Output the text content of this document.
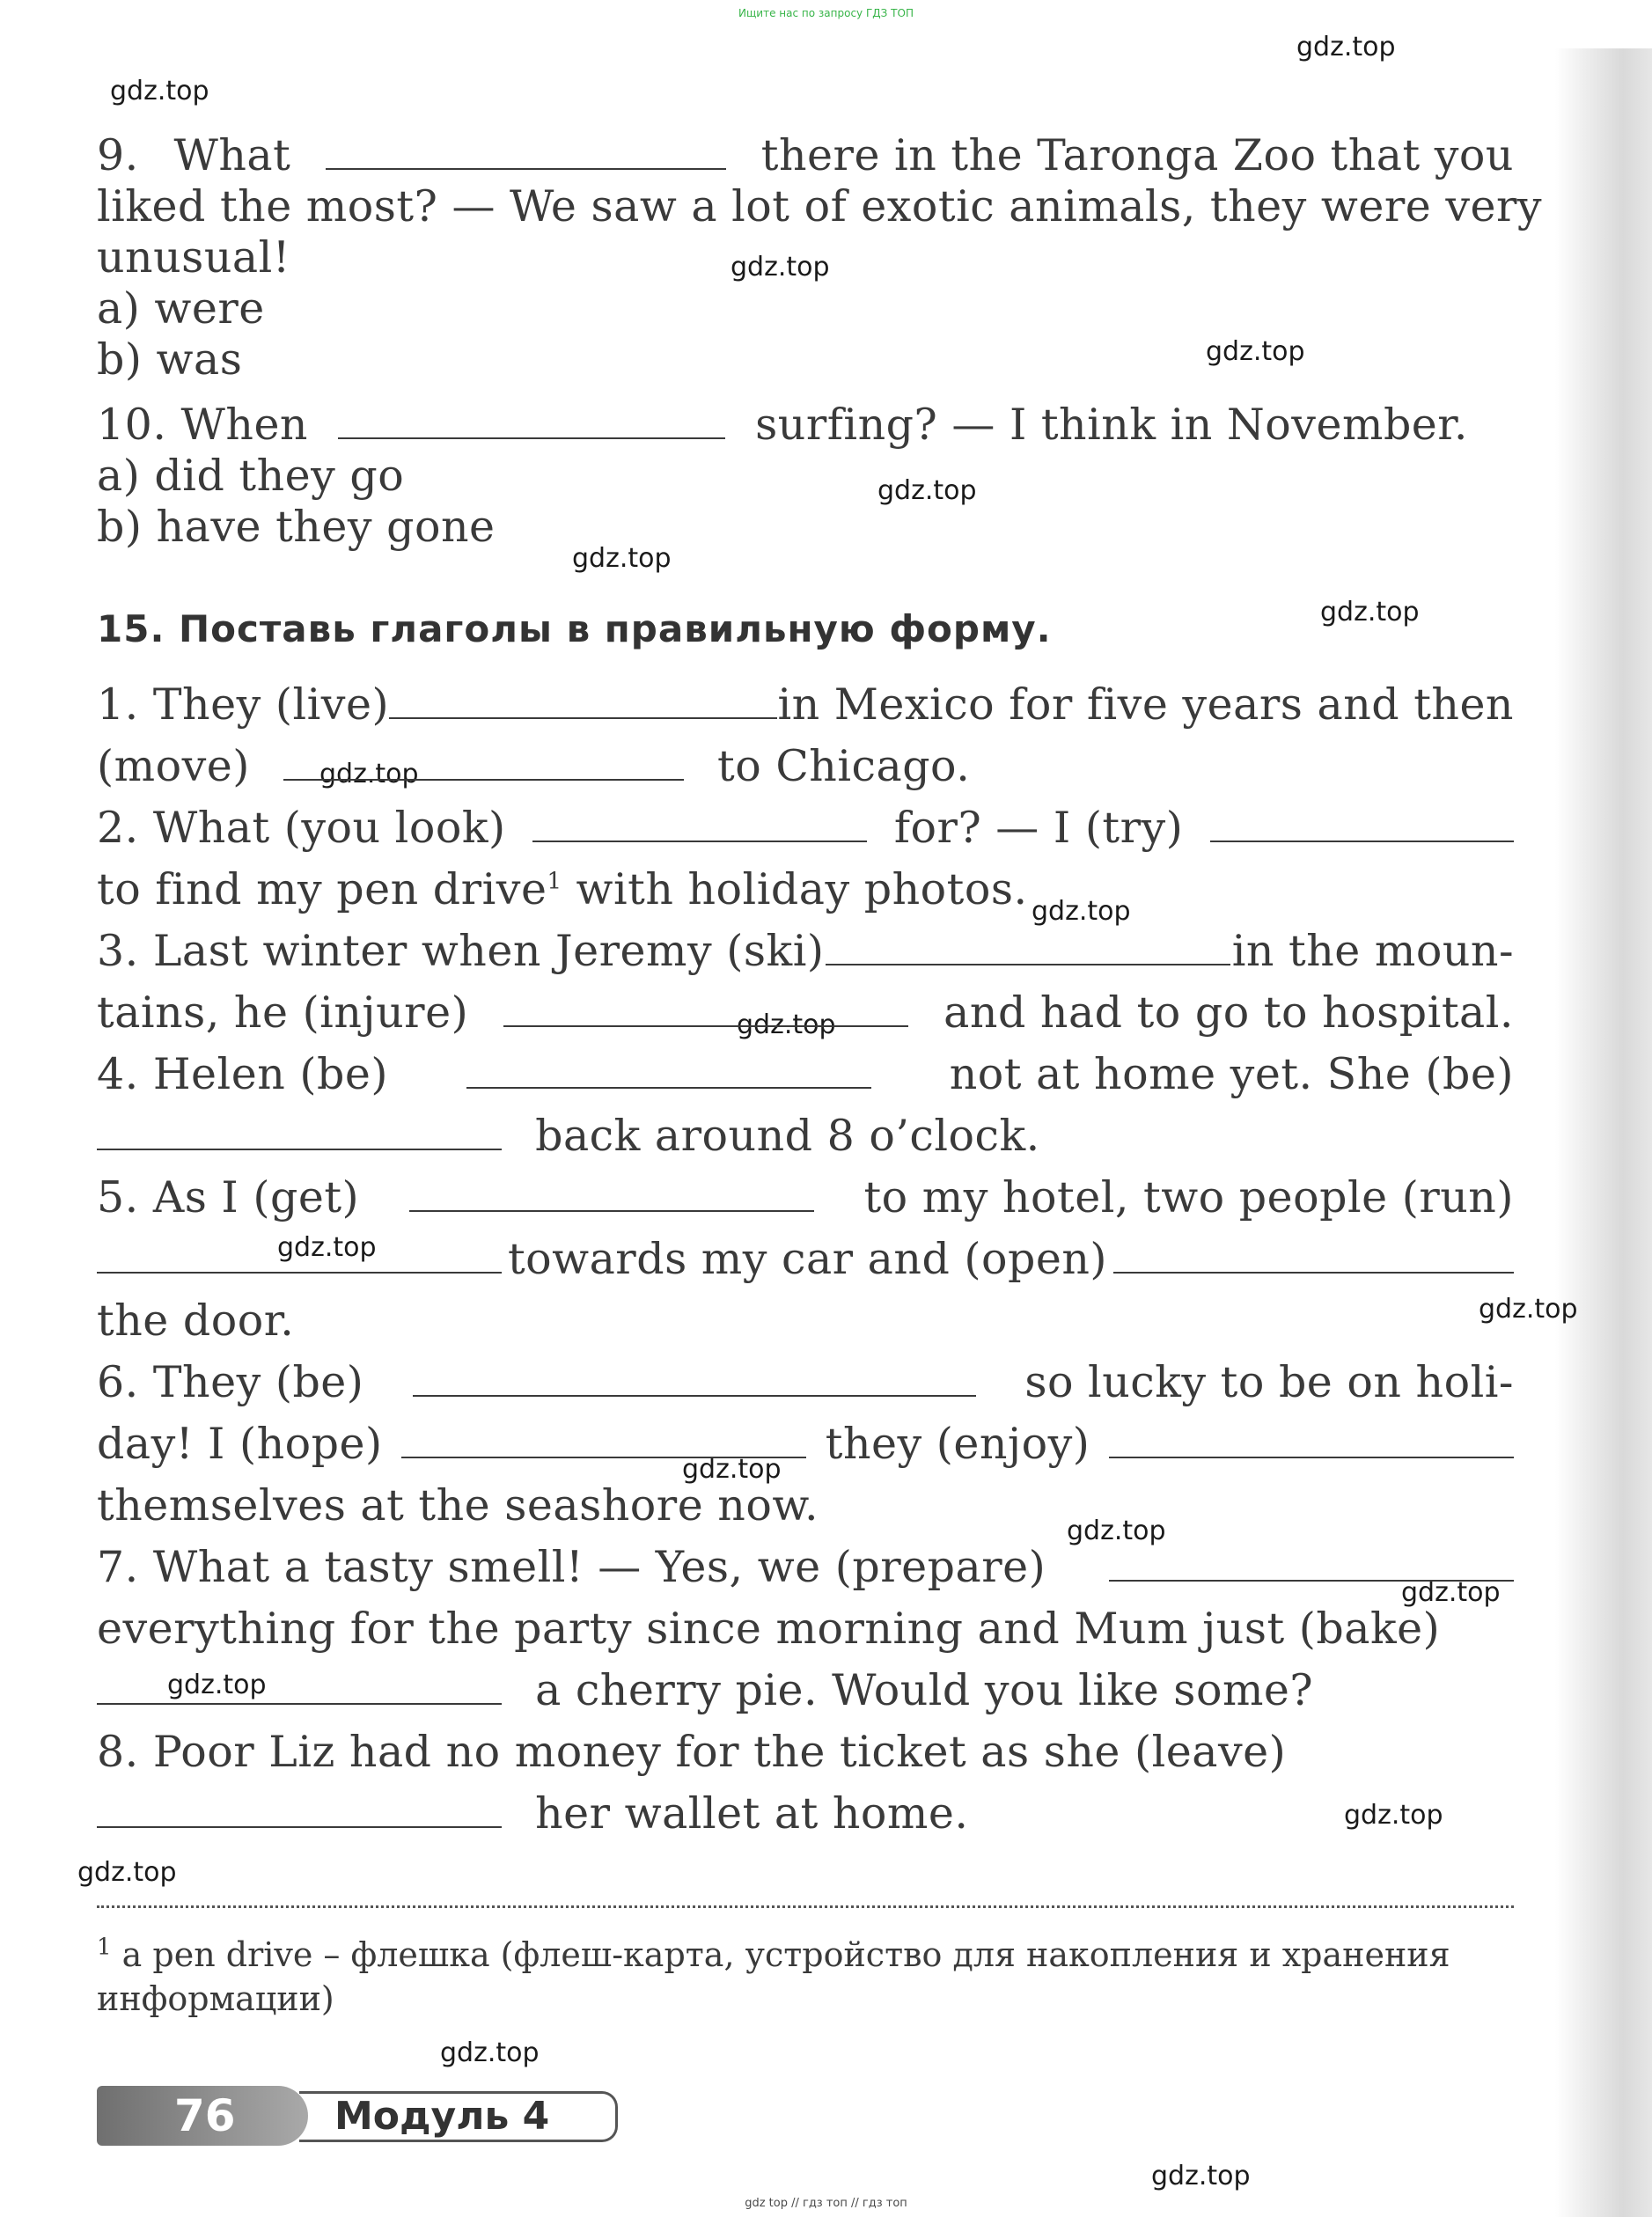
Ищите нас по запросу ГДЗ ТОП
gdz.top
gdz.top
gdz.top
gdz.top
gdz.top
gdz.top
gdz.top
gdz.top
gdz.top
gdz.top
gdz.top
gdz.top
gdz.top
gdz.top
gdz.top
gdz.top
gdz.top
gdz.top
gdz.top
gdz.top
9. What	there in the Taronga Zoo that you
liked the most? — We saw a lot of exotic animals, they were very
unusual!
a) were
b) was
10. When	surfing? — I think in November.
a) did they go
b) have they gone
15. Поставь глаголы в правильную форму.
1. They (live)	in Mexico for five years and then
(move)	to Chicago.
2. What (you look)	for? — I (try)
to find my pen drive$^1$ with holiday photos.
3. Last winter when Jeremy (ski)	in the moun-
tains, he (injure)	and had to go to hospital.
4. Helen (be)	not at home yet. She (be)
back around 8 o’clock.
5. As I (get)	to my hotel, two people (run)
towards my car and (open)
the door.
6. They (be)	so lucky to be on holi-
day! I (hope)	they (enjoy)
themselves at the seashore now.
7. What a tasty smell! — Yes, we (prepare)
everything for the party since morning and Mum just (bake)
a cherry pie. Would you like some?
8. Poor Liz had no money for the ticket as she (leave)
her wallet at home.
$^1$ a pen drive – флешка (флеш-карта, устройство для накопления и хранения
информации)
Модуль 4
76
gdz top // гдз топ // гдз топ
